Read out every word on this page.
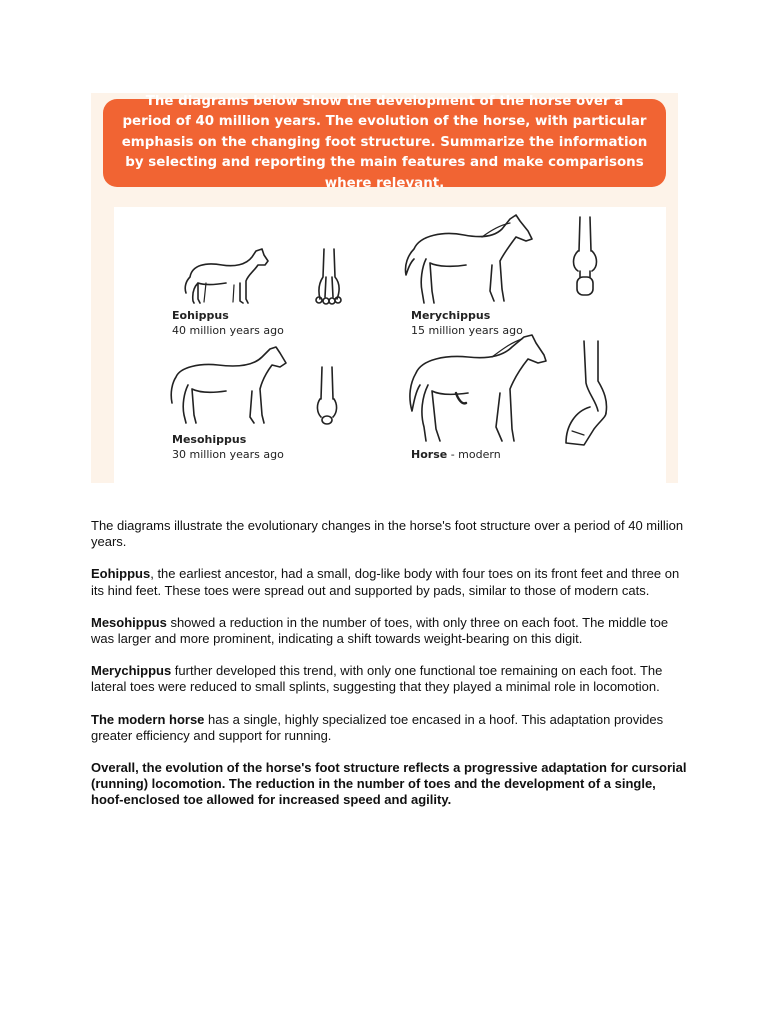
The diagrams below show the development of the horse over a period of 40 million years. The evolution of the horse, with particular emphasis on the changing foot structure. Summarize the information by selecting and reporting the main features and make comparisons where relevant.
Eohippus
40 million years ago
Merychippus
15 million years ago
Mesohippus
30 million years ago	Horse - modern

The diagrams illustrate the evolutionary changes in the horse's foot structure over a period of 40 million years.

Eohippus, the earliest ancestor, had a small, dog-like body with four toes on its front feet and three on its hind feet. These toes were spread out and supported by pads, similar to those of modern cats.

Mesohippus showed a reduction in the number of toes, with only three on each foot. The middle toe was larger and more prominent, indicating a shift towards weight-bearing on this digit.

Merychippus further developed this trend, with only one functional toe remaining on each foot. The lateral toes were reduced to small splints, suggesting that they played a minimal role in locomotion.

The modern horse has a single, highly specialized toe encased in a hoof. This adaptation provides greater efficiency and support for running.

Overall, the evolution of the horse's foot structure reflects a progressive adaptation for cursorial (running) locomotion. The reduction in the number of toes and the development of a single, hoof-enclosed toe allowed for increased speed and agility.
